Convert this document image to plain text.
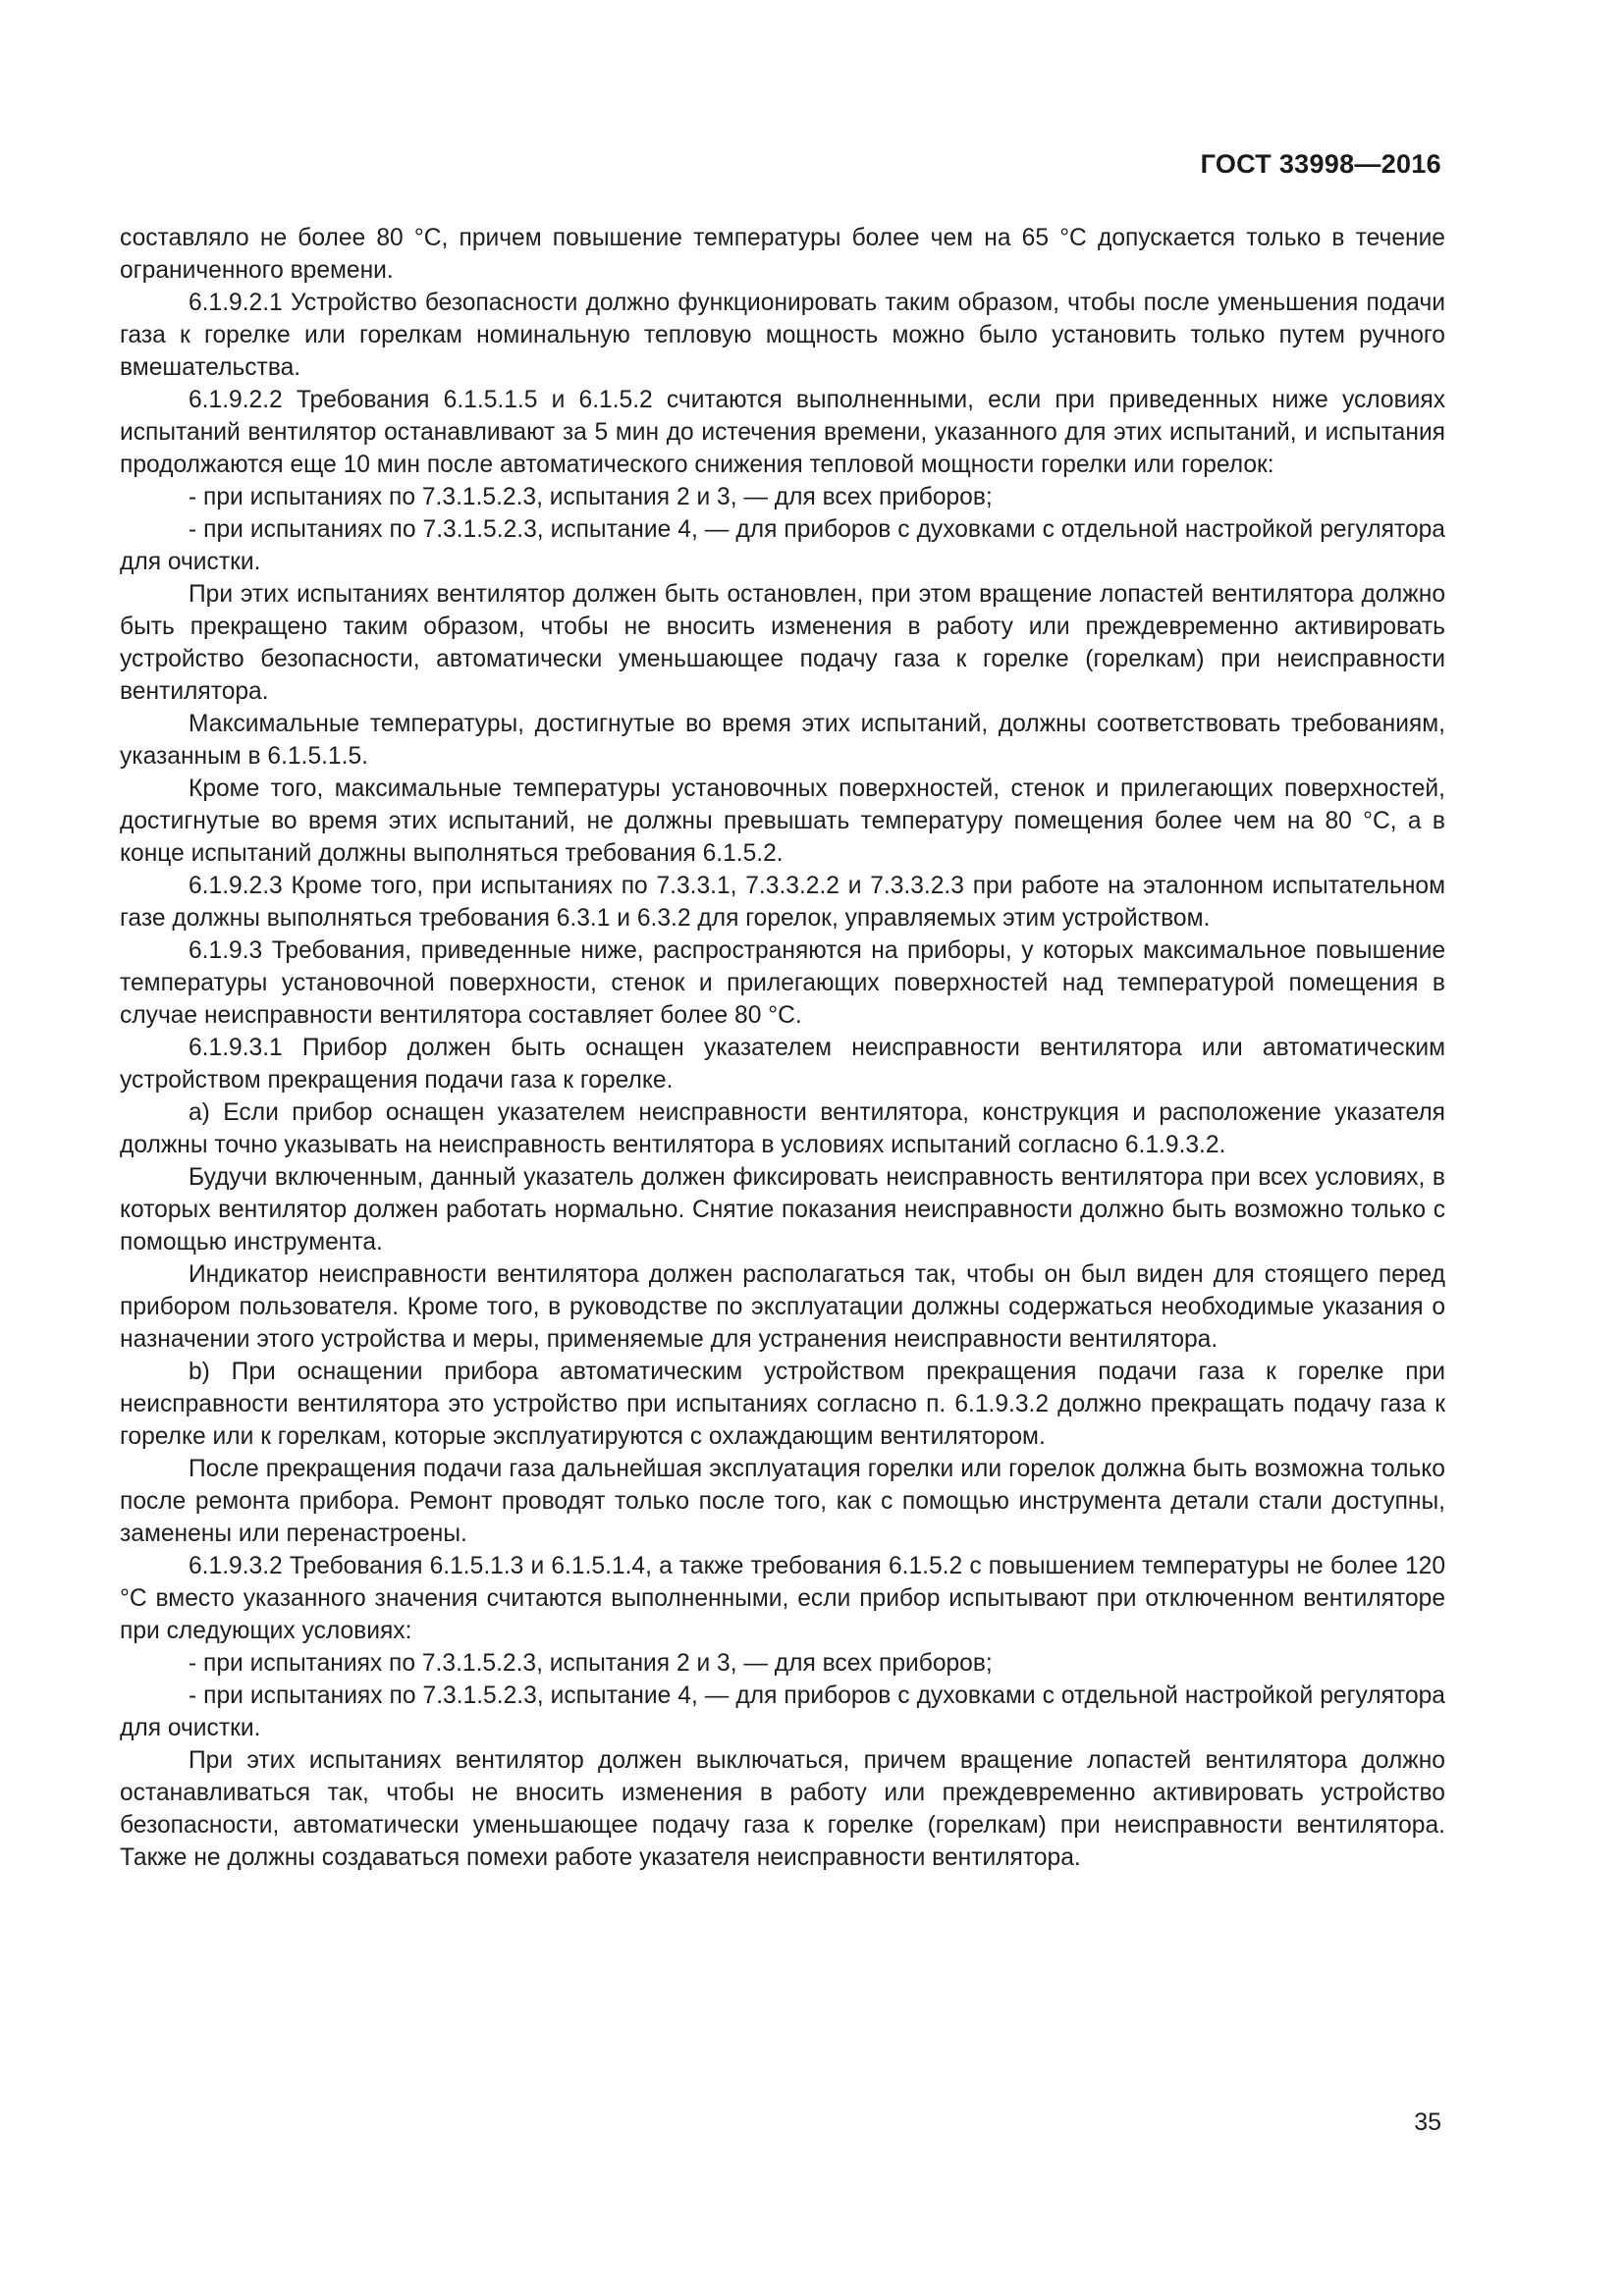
ГОСТ 33998—2016

составляло не более 80 °С, причем повышение температуры более чем на 65 °С допускается только в течение ограниченного времени.

6.1.9.2.1 Устройство безопасности должно функционировать таким образом, чтобы после уменьшения подачи газа к горелке или горелкам номинальную тепловую мощность можно было установить только путем ручного вмешательства.

6.1.9.2.2 Требования 6.1.5.1.5 и 6.1.5.2 считаются выполненными, если при приведенных ниже условиях испытаний вентилятор останавливают за 5 мин до истечения времени, указанного для этих испытаний, и испытания продолжаются еще 10 мин после автоматического снижения тепловой мощности горелки или горелок:

- при испытаниях по 7.3.1.5.2.3, испытания 2 и 3, — для всех приборов;

- при испытаниях по 7.3.1.5.2.3, испытание 4, — для приборов с духовками с отдельной настройкой регулятора для очистки.

При этих испытаниях вентилятор должен быть остановлен, при этом вращение лопастей вентилятора должно быть прекращено таким образом, чтобы не вносить изменения в работу или преждевременно активировать устройство безопасности, автоматически уменьшающее подачу газа к горелке (горелкам) при неисправности вентилятора.

Максимальные температуры, достигнутые во время этих испытаний, должны соответствовать требованиям, указанным в 6.1.5.1.5.

Кроме того, максимальные температуры установочных поверхностей, стенок и прилегающих поверхностей, достигнутые во время этих испытаний, не должны превышать температуру помещения более чем на 80 °С, а в конце испытаний должны выполняться требования 6.1.5.2.

6.1.9.2.3 Кроме того, при испытаниях по 7.3.3.1, 7.3.3.2.2 и 7.3.3.2.3 при работе на эталонном испытательном газе должны выполняться требования 6.3.1 и 6.3.2 для горелок, управляемых этим устройством.

6.1.9.3 Требования, приведенные ниже, распространяются на приборы, у которых максимальное повышение температуры установочной поверхности, стенок и прилегающих поверхностей над температурой помещения в случае неисправности вентилятора составляет более 80 °С.

6.1.9.3.1 Прибор должен быть оснащен указателем неисправности вентилятора или автоматическим устройством прекращения подачи газа к горелке.

a) Если прибор оснащен указателем неисправности вентилятора, конструкция и расположение указателя должны точно указывать на неисправность вентилятора в условиях испытаний согласно 6.1.9.3.2.

Будучи включенным, данный указатель должен фиксировать неисправность вентилятора при всех условиях, в которых вентилятор должен работать нормально. Снятие показания неисправности должно быть возможно только с помощью инструмента.

Индикатор неисправности вентилятора должен располагаться так, чтобы он был виден для стоящего перед прибором пользователя. Кроме того, в руководстве по эксплуатации должны содержаться необходимые указания о назначении этого устройства и меры, применяемые для устранения неисправности вентилятора.

b) При оснащении прибора автоматическим устройством прекращения подачи газа к горелке при неисправности вентилятора это устройство при испытаниях согласно п. 6.1.9.3.2 должно прекращать подачу газа к горелке или к горелкам, которые эксплуатируются с охлаждающим вентилятором.

После прекращения подачи газа дальнейшая эксплуатация горелки или горелок должна быть возможна только после ремонта прибора. Ремонт проводят только после того, как с помощью инструмента детали стали доступны, заменены или перенастроены.

6.1.9.3.2 Требования 6.1.5.1.3 и 6.1.5.1.4, а также требования 6.1.5.2 с повышением температуры не более 120 °С вместо указанного значения считаются выполненными, если прибор испытывают при отключенном вентиляторе при следующих условиях:

- при испытаниях по 7.3.1.5.2.3, испытания 2 и 3, — для всех приборов;

- при испытаниях по 7.3.1.5.2.3, испытание 4, — для приборов с духовками с отдельной настройкой регулятора для очистки.

При этих испытаниях вентилятор должен выключаться, причем вращение лопастей вентилятора должно останавливаться так, чтобы не вносить изменения в работу или преждевременно активировать устройство безопасности, автоматически уменьшающее подачу газа к горелке (горелкам) при неисправности вентилятора. Также не должны создаваться помехи работе указателя неисправности вентилятора.

35
